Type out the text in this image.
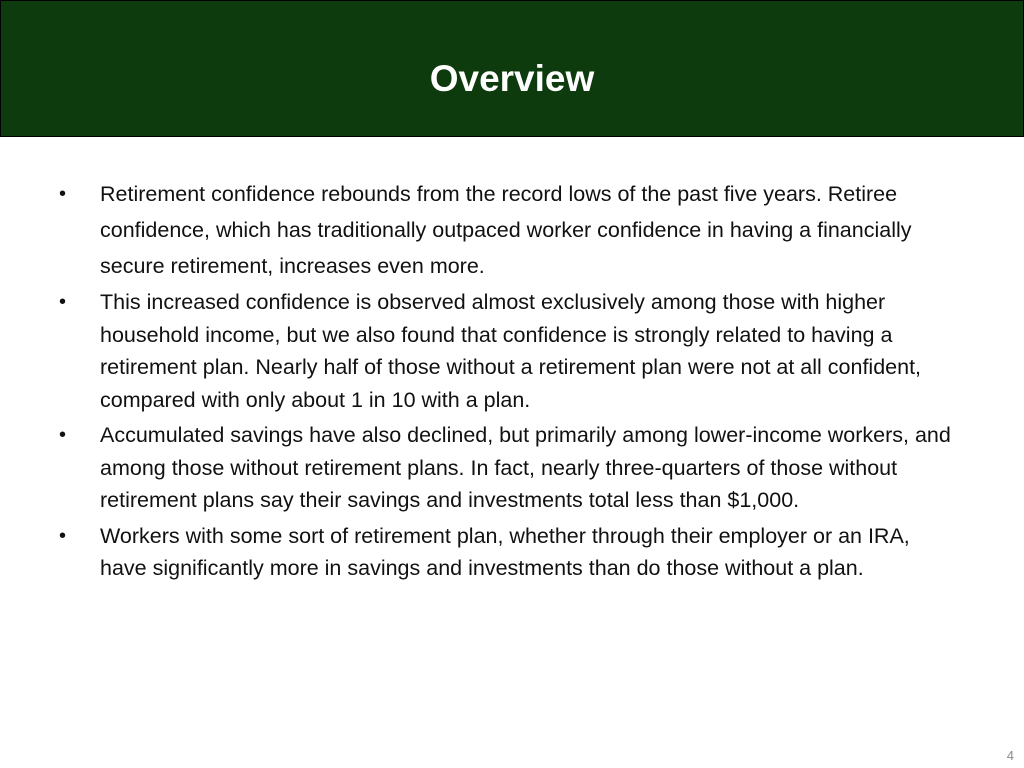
Overview
• Retirement confidence rebounds from the record lows of the past five years. Retiree confidence, which has traditionally outpaced worker confidence in having a financially secure retirement, increases even more.
• This increased confidence is observed almost exclusively among those with higher household income, but we also found that confidence is strongly related to having a retirement plan. Nearly half of those without a retirement plan were not at all confident, compared with only about 1 in 10 with a plan.
• Accumulated savings have also declined, but primarily among lower-income workers, and among those without retirement plans. In fact, nearly three-quarters of those without retirement plans say their savings and investments total less than $1,000.
• Workers with some sort of retirement plan, whether through their employer or an IRA, have significantly more in savings and investments than do those without a plan.
4
